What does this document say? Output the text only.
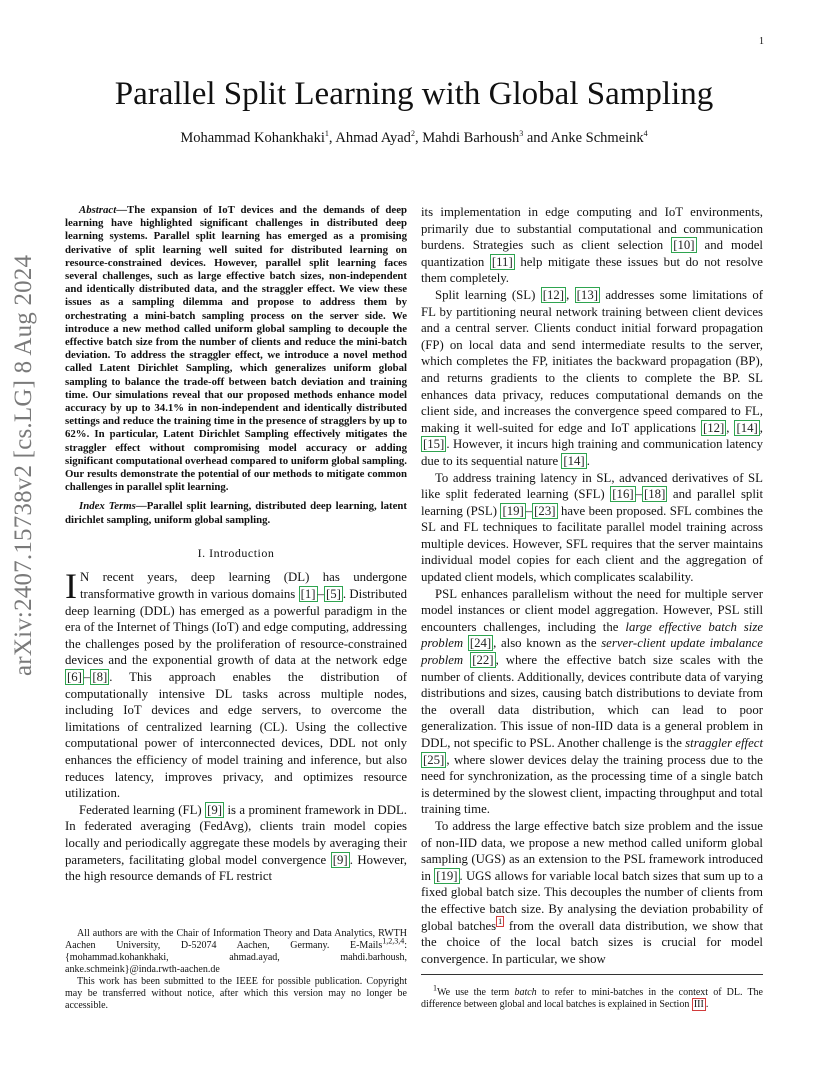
1
arXiv:2407.15738v2 [cs.LG] 8 Aug 2024
Parallel Split Learning with Global Sampling
Mohammad Kohankhaki$^1$, Ahmad Ayad$^2$, Mahdi Barhoush$^3$ and Anke Schmeink$^4$

Abstract—The expansion of IoT devices and the demands of deep learning have highlighted significant challenges in distributed deep learning systems. Parallel split learning has emerged as a promising derivative of split learning well suited for distributed learning on resource-constrained devices. However, parallel split learning faces several challenges, such as large effective batch sizes, non-independent and identically distributed data, and the straggler effect. We view these issues as a sampling dilemma and propose to address them by orchestrating a mini-batch sampling process on the server side. We introduce a new method called uniform global sampling to decouple the effective batch size from the number of clients and reduce the mini-batch deviation. To address the straggler effect, we introduce a novel method called Latent Dirichlet Sampling, which generalizes uniform global sampling to balance the trade-off between batch deviation and training time. Our simulations reveal that our proposed methods enhance model accuracy by up to 34.1% in non-independent and identically distributed settings and reduce the training time in the presence of stragglers by up to 62%. In particular, Latent Dirichlet Sampling effectively mitigates the straggler effect without compromising model accuracy or adding significant computational overhead compared to uniform global sampling. Our results demonstrate the potential of our methods to mitigate common challenges in parallel split learning.

Index Terms—Parallel split learning, distributed deep learning, latent dirichlet sampling, uniform global sampling.

I. Introduction

I N recent years, deep learning (DL) has undergone transformative growth in various domains [1] – [5] . Distributed deep learning (DDL) has emerged as a powerful paradigm in the era of the Internet of Things (IoT) and edge computing, addressing the challenges posed by the proliferation of resource-constrained devices and the exponential growth of data at the network edge [6] – [8] . This approach enables the distribution of computationally intensive DL tasks across multiple nodes, including IoT devices and edge servers, to overcome the limitations of centralized learning (CL). Using the collective computational power of interconnected devices, DDL not only enhances the efficiency of model training and inference, but also reduces latency, improves privacy, and optimizes resource utilization.

Federated learning (FL) [9] is a prominent framework in DDL. In federated averaging (FedAvg), clients train model copies locally and periodically aggregate these models by averaging their parameters, facilitating global model convergence [9] . However, the high resource demands of FL restrict

All authors are with the Chair of Information Theory and Data Analytics, RWTH Aachen University, D-52074 Aachen, Germany. E-Mails$^{1,2,3,4}$: {mohammad.kohankhaki, ahmad.ayad, mahdi.barhoush, anke.schmeink}@inda.rwth-aachen.de

This work has been submitted to the IEEE for possible publication. Copyright may be transferred without notice, after which this version may no longer be accessible.

its implementation in edge computing and IoT environments, primarily due to substantial computational and communication burdens. Strategies such as client selection [10] and model quantization [11] help mitigate these issues but do not resolve them completely.

Split learning (SL) [12] , [13] addresses some limitations of FL by partitioning neural network training between client devices and a central server. Clients conduct initial forward propagation (FP) on local data and send intermediate results to the server, which completes the FP, initiates the backward propagation (BP), and returns gradients to the clients to complete the BP. SL enhances data privacy, reduces computational demands on the client side, and increases the convergence speed compared to FL, making it well-suited for edge and IoT applications [12] , [14] , [15] . However, it incurs high training and communication latency due to its sequential nature [14] .

To address training latency in SL, advanced derivatives of SL like split federated learning (SFL) [16] – [18] and parallel split learning (PSL) [19] – [23] have been proposed. SFL combines the SL and FL techniques to facilitate parallel model training across multiple devices. However, SFL requires that the server maintains individual model copies for each client and the aggregation of updated client models, which complicates scalability.

PSL enhances parallelism without the need for multiple server model instances or client model aggregation. However, PSL still encounters challenges, including the large effective batch size problem [24] , also known as the server-client update imbalance problem [22] , where the effective batch size scales with the number of clients. Additionally, devices contribute data of varying distributions and sizes, causing batch distributions to deviate from the overall data distribution, which can lead to poor generalization. This issue of non-IID data is a general problem in DDL, not specific to PSL. Another challenge is the straggler effect [25] , where slower devices delay the training process due to the need for synchronization, as the processing time of a single batch is determined by the slowest client, impacting throughput and total training time.

To address the large effective batch size problem and the issue of non-IID data, we propose a new method called uniform global sampling (UGS) as an extension to the PSL framework introduced in [19] . UGS allows for variable local batch sizes that sum up to a fixed global batch size. This decouples the number of clients from the effective batch size. By analysing the deviation probability of global batches $^1$ from the overall data distribution, we show that the choice of the local batch sizes is crucial for model convergence. In particular, we show

$^1$We use the term batch to refer to mini-batches in the context of DL. The difference between global and local batches is explained in Section III .
